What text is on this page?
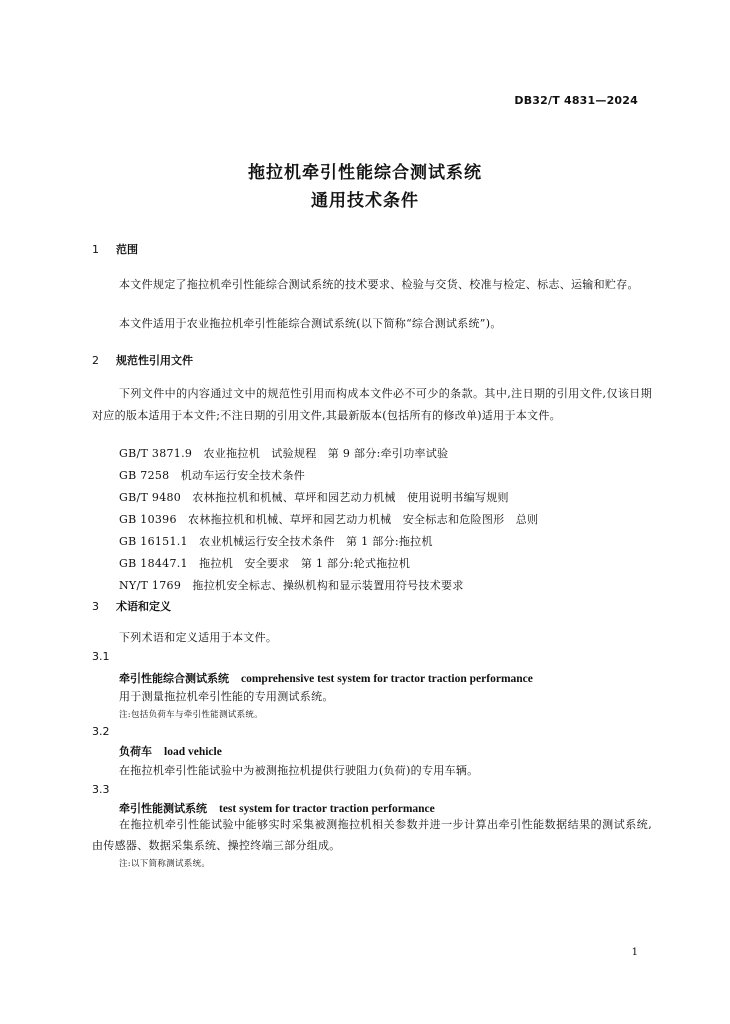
DB32/T 4831—2024
拖拉机牵引性能综合测试系统
通用技术条件
1 范围
本文件规定了拖拉机牵引性能综合测试系统的技术要求、检验与交货、校准与检定、标志、运输和贮存。
本文件适用于农业拖拉机牵引性能综合测试系统(以下简称“综合测试系统”)。
2 规范性引用文件
下列文件中的内容通过文中的规范性引用而构成本文件必不可少的条款。其中,注日期的引用文件,仅该日期对应的版本适用于本文件;不注日期的引用文件,其最新版本(包括所有的修改单)适用于本文件。
GB/T 3871.9　农业拖拉机　试验规程　第 9 部分:牵引功率试验
GB 7258　机动车运行安全技术条件
GB/T 9480　农林拖拉机和机械、草坪和园艺动力机械　使用说明书编写规则
GB 10396　农林拖拉机和机械、草坪和园艺动力机械　安全标志和危险图形　总则
GB 16151.1　农业机械运行安全技术条件　第 1 部分:拖拉机
GB 18447.1　拖拉机　安全要求　第 1 部分:轮式拖拉机
NY/T 1769　拖拉机安全标志、操纵机构和显示装置用符号技术要求
3 术语和定义
下列术语和定义适用于本文件。
3.1
牵引性能综合测试系统 comprehensive test system for tractor traction performance
用于测量拖拉机牵引性能的专用测试系统。
注:包括负荷车与牵引性能测试系统。
3.2
负荷车 load vehicle
在拖拉机牵引性能试验中为被测拖拉机提供行驶阻力(负荷)的专用车辆。
3.3
牵引性能测试系统 test system for tractor traction performance
在拖拉机牵引性能试验中能够实时采集被测拖拉机相关参数并进一步计算出牵引性能数据结果的测试系统,由传感器、数据采集系统、操控终端三部分组成。
注:以下简称测试系统。
1
